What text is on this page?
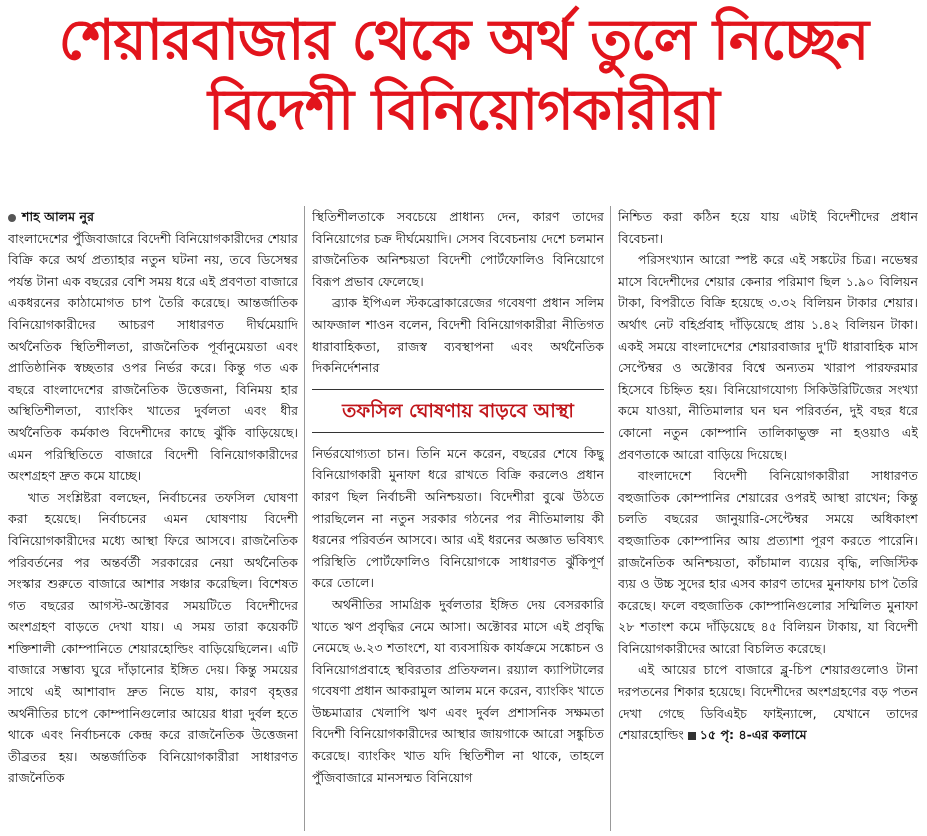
শেয়ারবাজার থেকে অর্থ তুলে নিচ্ছেন
বিদেশী বিনিয়োগকারীরা

শাহ আলম নুর

বাংলাদেশের পুঁজিবাজারে বিদেশী বিনিয়োগকারীদের শেয়ার বিক্রি করে অর্থ প্রত্যাহার নতুন ঘটনা নয়, তবে ডিসেম্বর পর্যন্ত টানা এক বছরের বেশি সময় ধরে এই প্রবণতা বাজারে একধরনের কাঠামোগত চাপ তৈরি করেছে। আন্তর্জাতিক বিনিয়োগকারীদের আচরণ সাধারণত দীর্ঘমেয়াদি অর্থনৈতিক স্থিতিশীলতা, রাজনৈতিক পূর্বানুমেয়তা এবং প্রাতিষ্ঠানিক স্বচ্ছতার ওপর নির্ভর করে। কিন্তু গত এক বছরে বাংলাদেশের রাজনৈতিক উত্তেজনা, বিনিময় হার অস্থিতিশীলতা, ব্যাংকিং খাতের দুর্বলতা এবং ধীর অর্থনৈতিক কর্মকাণ্ড বিদেশীদের কাছে ঝুঁকি বাড়িয়েছে। এমন পরিস্থিতিতে বাজারে বিদেশী বিনিয়োগকারীদের অংশগ্রহণ দ্রুত কমে যাচ্ছে।

খাত সংশ্লিষ্টরা বলছেন, নির্বাচনের তফসিল ঘোষণা করা হয়েছে। নির্বাচনের এমন ঘোষণায় বিদেশী বিনিয়োগকারীদের মধ্যে আস্থা ফিরে আসবে। রাজনৈতিক পরিবর্তনের পর অন্তর্বর্তী সরকারের নেয়া অর্থনৈতিক সংস্কার শুরুতে বাজারে আশার সঞ্চার করেছিল। বিশেষত গত বছরের আগস্ট-অক্টোবর সময়টিতে বিদেশীদের অংশগ্রহণ বাড়তে দেখা যায়। এ সময় তারা কয়েকটি শক্তিশালী কোম্পানিতে শেয়ারহোল্ডিং বাড়িয়েছিলেন। এটি বাজারে সম্ভাব্য ঘুরে দাঁড়ানোর ইঙ্গিত দেয়। কিন্তু সময়ের সাথে এই আশাবাদ দ্রুত নিভে যায়, কারণ বৃহত্তর অর্থনীতির চাপে কোম্পানিগুলোর আয়ের ধারা দুর্বল হতে থাকে এবং নির্বাচনকে কেন্দ্র করে রাজনৈতিক উত্তেজনা তীব্রতর হয়। অন্তর্জাতিক বিনিয়োগকারীরা সাধারণত রাজনৈতিক

স্থিতিশীলতাকে সবচেয়ে প্রাধান্য দেন, কারণ তাদের বিনিয়োগের চক্র দীর্ঘমেয়াদি। সেসব বিবেচনায় দেশে চলমান রাজনৈতিক অনিশ্চয়তা বিদেশী পোর্টফোলিও বিনিয়োগে বিরূপ প্রভাব ফেলেছে।

ব্র্যাক ইপিএল স্টকব্রোকারেজের গবেষণা প্রধান সলিম আফজাল শাওন বলেন, বিদেশী বিনিয়োগকারীরা নীতিগত ধারাবাহিকতা, রাজস্ব ব্যবস্থাপনা এবং অর্থনৈতিক দিকনির্দেশনার

তফসিল ঘোষণায় বাড়বে আস্থা

নির্ভরযোগ্যতা চান। তিনি মনে করেন, বছরের শেষে কিছু বিনিয়োগকারী মুনাফা ধরে রাখতে বিক্রি করলেও প্রধান কারণ ছিল নির্বাচনী অনিশ্চয়তা। বিদেশীরা বুঝে উঠতে পারছিলেন না নতুন সরকার গঠনের পর নীতিমালায় কী ধরনের পরিবর্তন আসবে। আর এই ধরনের অজ্ঞাত ভবিষ্যৎ পরিস্থিতি পোর্টফোলিও বিনিয়োগকে সাধারণত ঝুঁকিপূর্ণ করে তোলে।

অর্থনীতির সামগ্রিক দুর্বলতার ইঙ্গিত দেয় বেসরকারি খাতে ঋণ প্রবৃদ্ধির নেমে আসা। অক্টোবর মাসে এই প্রবৃদ্ধি নেমেছে ৬.২৩ শতাংশে, যা ব্যবসায়িক কার্যক্রমে সঙ্কোচন ও বিনিয়োগপ্রবাহে স্থবিরতার প্রতিফলন। রয়্যাল ক্যাপিটালের গবেষণা প্রধান আকরামুল আলম মনে করেন, ব্যাংকিং খাতে উচ্চমাত্রার খেলাপি ঋণ এবং দুর্বল প্রশাসনিক সক্ষমতা বিদেশী বিনিয়োগকারীদের আস্থার জায়গাকে আরো সঙ্কুচিত করেছে। ব্যাংকিং খাত যদি স্থিতিশীল না থাকে, তাহলে পুঁজিবাজারে মানসম্মত বিনিয়োগ

নিশ্চিত করা কঠিন হয়ে যায় এটাই বিদেশীদের প্রধান বিবেচনা।

পরিসংখ্যান আরো স্পষ্ট করে এই সঙ্কটের চিত্র। নভেম্বর মাসে বিদেশীদের শেয়ার কেনার পরিমাণ ছিল ১.৯০ বিলিয়ন টাকা, বিপরীতে বিক্রি হয়েছে ৩.৩২ বিলিয়ন টাকার শেয়ার। অর্থাৎ নেট বহির্প্রবাহ দাঁড়িয়েছে প্রায় ১.৪২ বিলিয়ন টাকা। একই সময়ে বাংলাদেশের শেয়ারবাজার দু'টি ধারাবাহিক মাস সেপ্টেম্বর ও অক্টোবর বিশ্বে অন্যতম খারাপ পারফরমার হিসেবে চিহ্নিত হয়। বিনিয়োগযোগ্য সিকিউরিটিজের সংখ্যা কমে যাওয়া, নীতিমালার ঘন ঘন পরিবর্তন, দুই বছর ধরে কোনো নতুন কোম্পানি তালিকাভুক্ত না হওয়াও এই প্রবণতাকে আরো বাড়িয়ে দিয়েছে।

বাংলাদেশে বিদেশী বিনিয়োগকারীরা সাধারণত বহুজাতিক কোম্পানির শেয়ারের ওপরই আস্থা রাখেন; কিন্তু চলতি বছরের জানুয়ারি-সেপ্টেম্বর সময়ে অধিকাংশ বহুজাতিক কোম্পানির আয় প্রত্যাশা পূরণ করতে পারেনি। রাজনৈতিক অনিশ্চয়তা, কাঁচামাল ব্যয়ের বৃদ্ধি, লজিস্টিক ব্যয় ও উচ্চ সুদের হার এসব কারণ তাদের মুনাফায় চাপ তৈরি করেছে। ফলে বহুজাতিক কোম্পানিগুলোর সম্মিলিত মুনাফা ২৮ শতাংশ কমে দাঁড়িয়েছে ৪৫ বিলিয়ন টাকায়, যা বিদেশী বিনিয়োগকারীদের আরো বিচলিত করেছে।

এই আয়ের চাপে বাজারে ব্লু-চিপ শেয়ারগুলোও টানা দরপতনের শিকার হয়েছে। বিদেশীদের অংশগ্রহণের বড় পতন দেখা গেছে ডিবিএইচ ফাইন্যান্সে, যেখানে তাদের শেয়ারহোল্ডিং ১৫ পৃ: ৪-এর কলামে
